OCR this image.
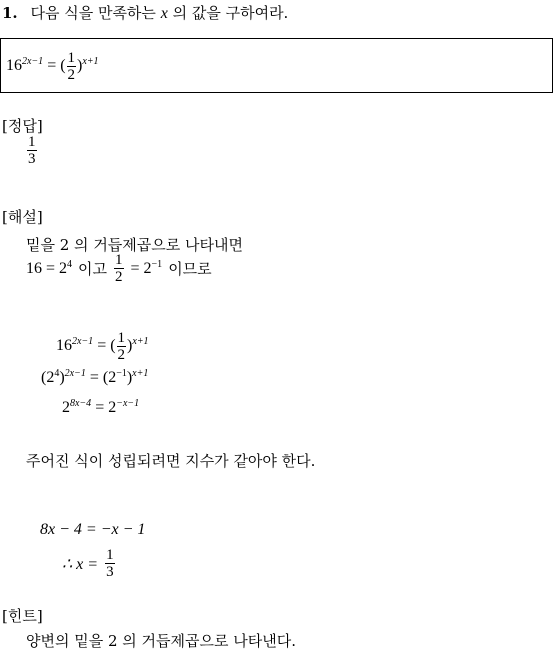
1. 다음 식을 만족하는 x 의 값을 구하여라.
$16^{2x-1}$ = ( $\frac{1}{2} )^{x+1}$
[정답]
$\frac{1}{3}$
[해설]
밑을 2 의 거듭제곱으로 나타내면
$16 = 2^4$ 이고 $\frac{1}{2} = 2^{-1}$ 이므로
$16^{2x-1}$ = ( $\frac{1}{2} )^{x+1}$
$(2^4)^{2x-1} = (2^{-1})^{x+1}$
$2^{8x-4} = 2^{-x-1}$
주어진 식이 성립되려면 지수가 같아야 한다.
8x − 4 = −x − 1
∴ $x = \frac{1}{3}$
[힌트]
양변의 밑을 2 의 거듭제곱으로 나타낸다.
